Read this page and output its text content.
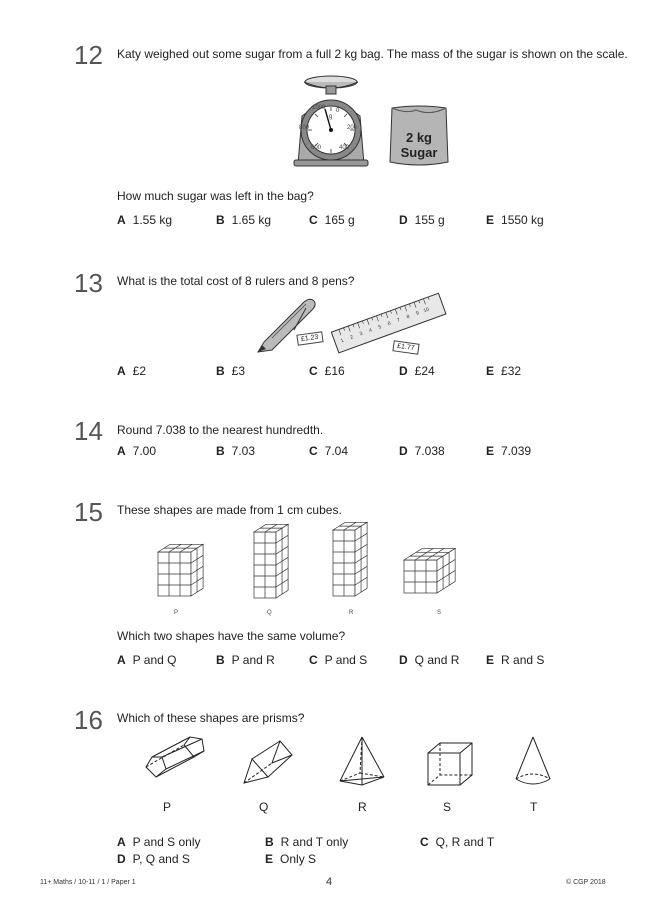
12 Katy weighed out some sugar from a full 2 kg bag. The mass of the sugar is shown on the scale.
1000 0
g
200
800
600	400
2 kg
Sugar
How much sugar was left in the bag?
A 1.55 kg	B 1.65 kg	C 165 g	D 155 g	E 1550 kg
13 What is the total cost of 8 rulers and 8 pens?
£1.23	1
2
3
4
5
6
7
8
9 10
£1.77
A £2	B £3	C £16	D £24	E £32
14 Round 7.038 to the nearest hundredth.
A 7.00	B 7.03	C 7.04	D 7.038	E 7.039
15 These shapes are made from 1 cm cubes.
P	Q	R	S
Which two shapes have the same volume?
A P and Q	B P and R	C P and S	D Q and R E R and S
16 Which of these shapes are prisms?
P	Q	R	S	T
A P and S only	B R and T only	C Q, R and T
D P, Q and S	E Only S
11+ Maths / 10-11 / 1 / Paper 1	4	© CGP 2018
